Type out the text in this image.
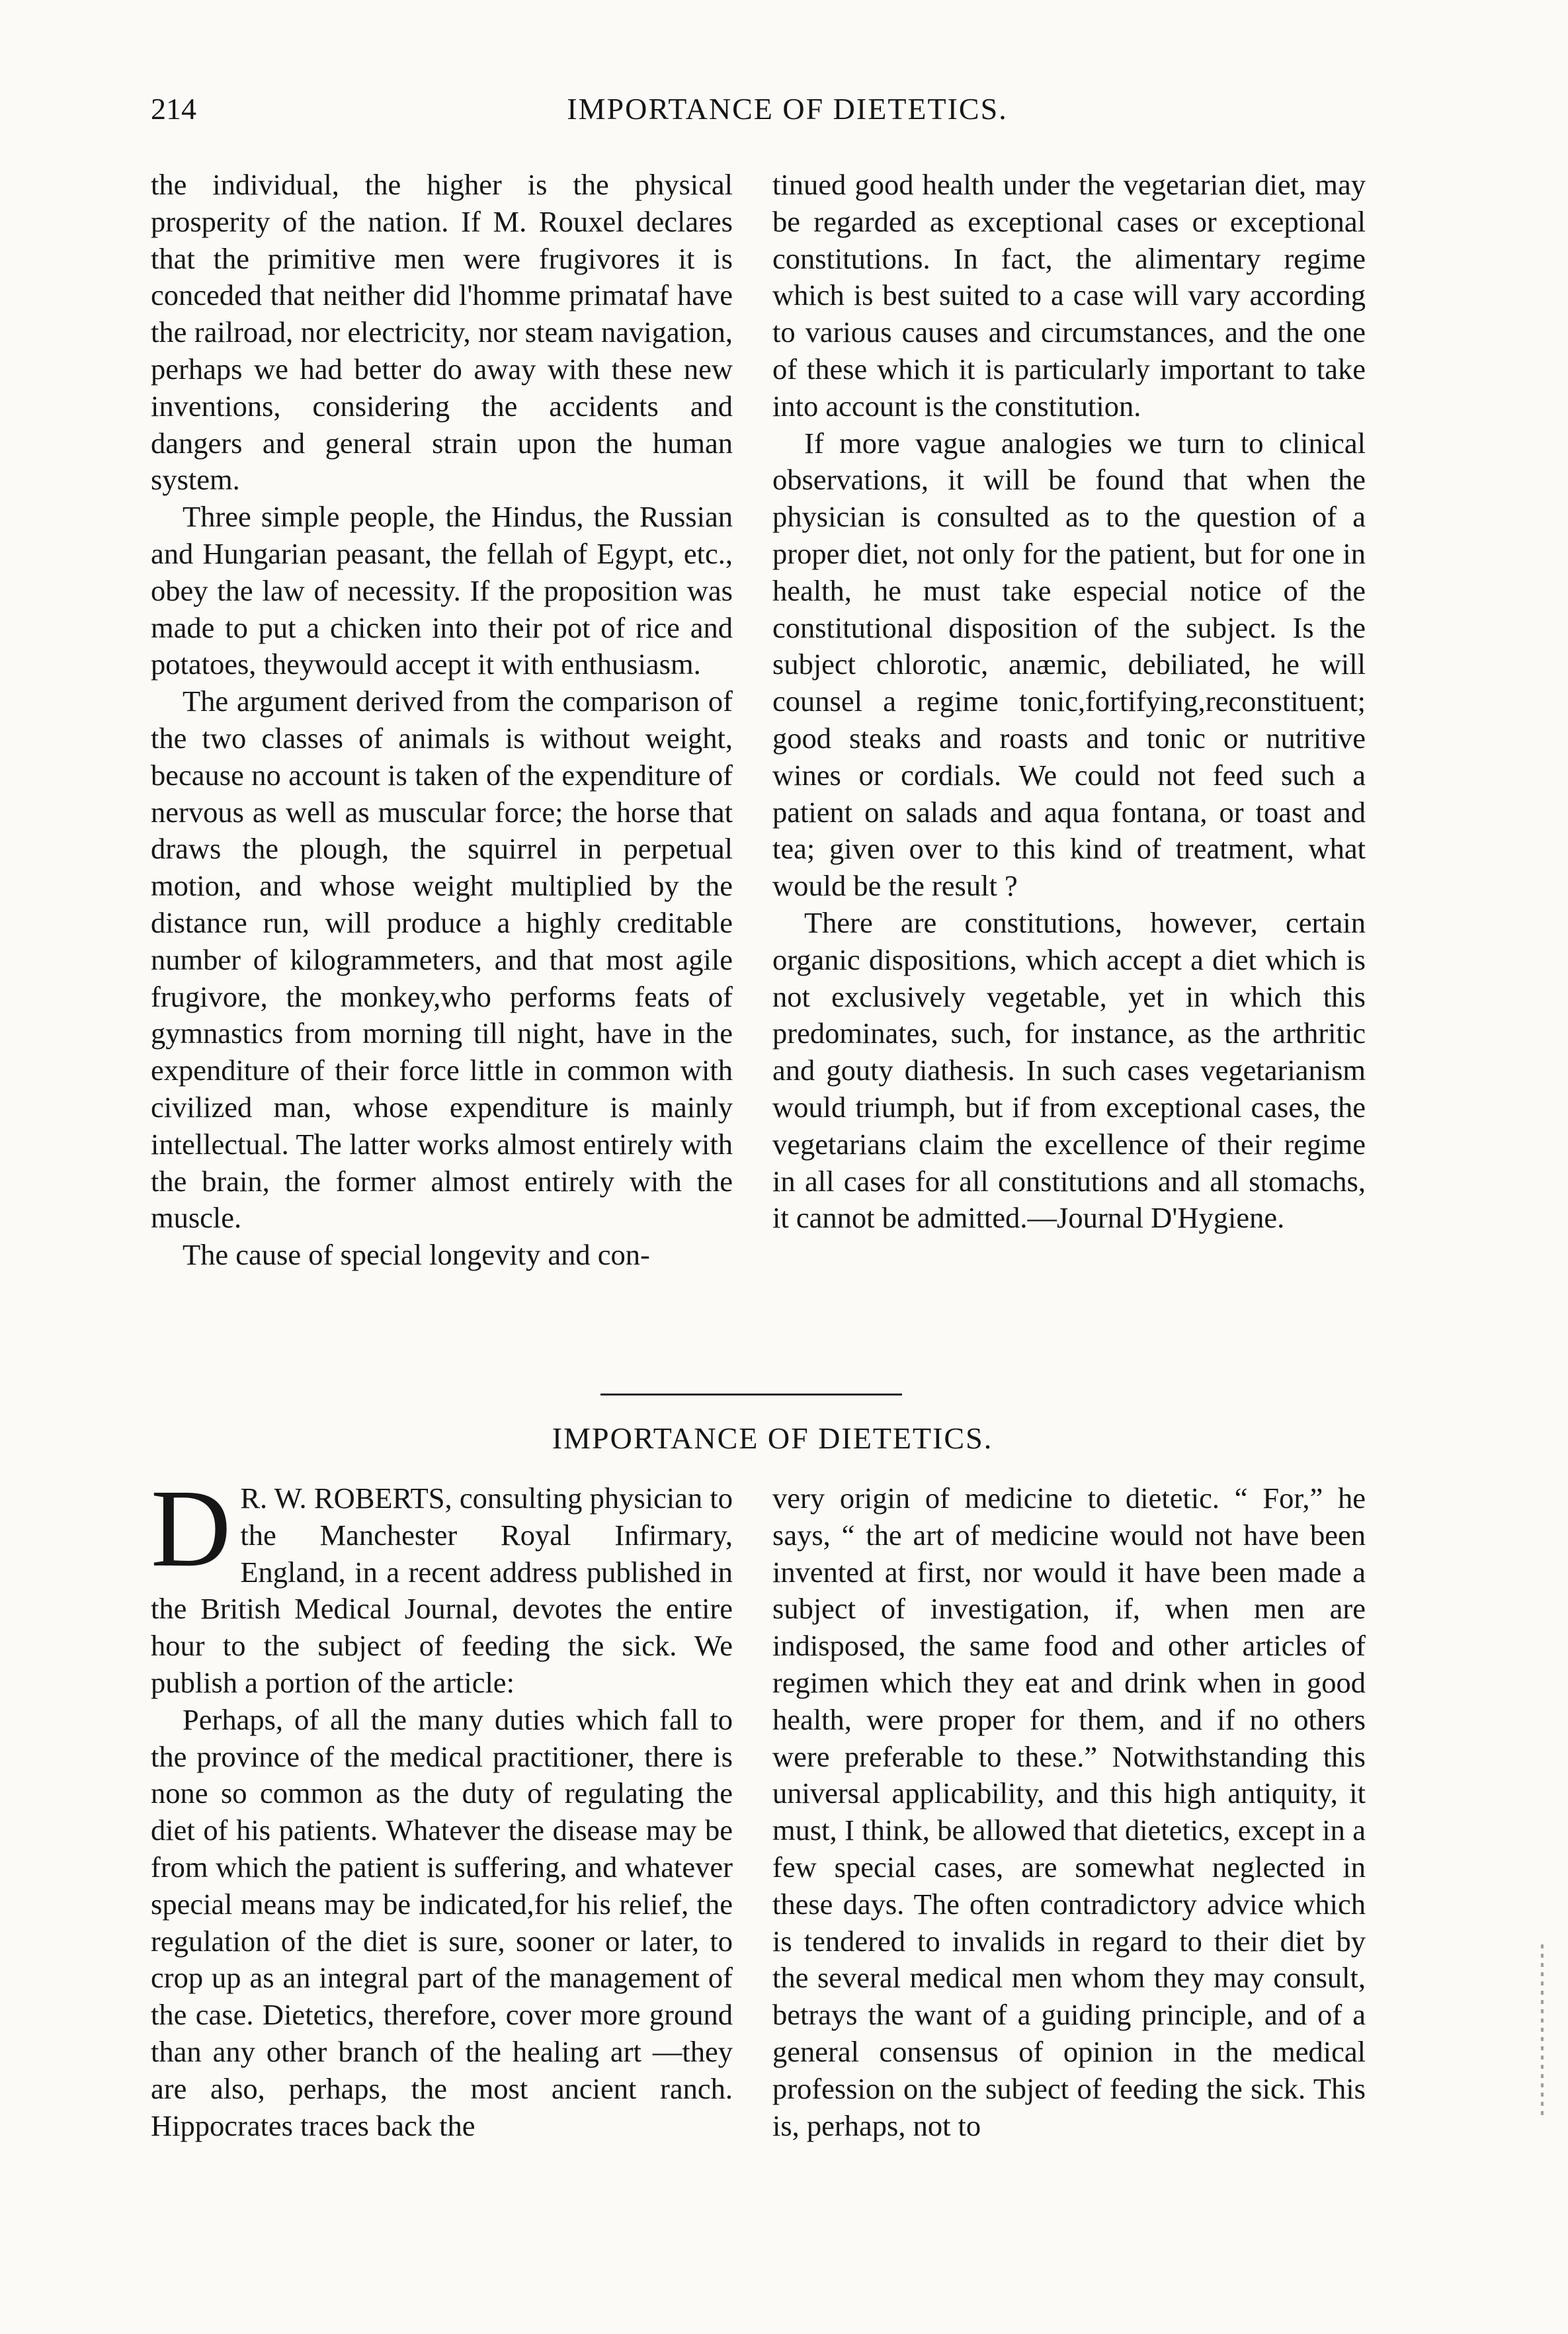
214	IMPORTANCE OF DIETETICS.

the individual, the higher is the physical prosperity of the nation. If M. Rouxel declares that the primitive men were frugivores it is conceded that neither did l'homme primataf have the railroad, nor electricity, nor steam navigation, perhaps we had better do away with these new inventions, considering the accidents and dangers and general strain upon the human system.

Three simple people, the Hindus, the Russian and Hungarian peasant, the fellah of Egypt, etc., obey the law of necessity. If the proposition was made to put a chicken into their pot of rice and potatoes, theywould accept it with enthusiasm.

The argument derived from the comparison of the two classes of animals is without weight, because no account is taken of the expenditure of nervous as well as muscular force; the horse that draws the plough, the squirrel in perpetual motion, and whose weight multiplied by the distance run, will produce a highly creditable number of kilogrammeters, and that most agile frugivore, the monkey,who performs feats of gymnastics from morning till night, have in the expenditure of their force little in common with civilized man, whose expenditure is mainly intellectual. The latter works almost entirely with the brain, the former almost entirely with the muscle.

The cause of special longevity and con-

tinued good health under the vegetarian diet, may be regarded as exceptional cases or exceptional constitutions. In fact, the alimentary regime which is best suited to a case will vary according to various causes and circumstances, and the one of these which it is particularly important to take into account is the constitution.

If more vague analogies we turn to clinical observations, it will be found that when the physician is consulted as to the question of a proper diet, not only for the patient, but for one in health, he must take especial notice of the constitutional disposition of the subject. Is the subject chlorotic, anæmic, debiliated, he will counsel a regime tonic,fortifying,reconstituent; good steaks and roasts and tonic or nutritive wines or cordials. We could not feed such a patient on salads and aqua fontana, or toast and tea; given over to this kind of treatment, what would be the result ?

There are constitutions, however, certain organic dispositions, which accept a diet which is not exclusively vegetable, yet in which this predominates, such, for instance, as the arthritic and gouty diathesis. In such cases vegetarianism would triumph, but if from exceptional cases, the vegetarians claim the excellence of their regime in all cases for all constitutions and all stomachs, it cannot be admitted.—Journal D'Hygiene.

IMPORTANCE OF DIETETICS.

D R. W. ROBERTS, consulting physician to the Manchester Royal Infirmary, England, in a recent address published in the British Medical Journal, devotes the entire hour to the subject of feeding the sick. We publish a portion of the article:

Perhaps, of all the many duties which fall to the province of the medical practitioner, there is none so common as the duty of regulating the diet of his patients. Whatever the disease may be from which the patient is suffering, and whatever special means may be indicated,for his relief, the regulation of the diet is sure, sooner or later, to crop up as an integral part of the management of the case. Dietetics, therefore, cover more ground than any other branch of the healing art —they are also, perhaps, the most ancient ranch. Hippocrates traces back the

very origin of medicine to dietetic. “ For,” he says, “ the art of medicine would not have been invented at first, nor would it have been made a subject of investigation, if, when men are indisposed, the same food and other articles of regimen which they eat and drink when in good health, were proper for them, and if no others were preferable to these.” Notwithstanding this universal applicability, and this high antiquity, it must, I think, be allowed that dietetics, except in a few special cases, are somewhat neglected in these days. The often contradictory advice which is tendered to invalids in regard to their diet by the several medical men whom they may consult, betrays the want of a guiding principle, and of a general consensus of opinion in the medical profession on the subject of feeding the sick. This is, perhaps, not to
